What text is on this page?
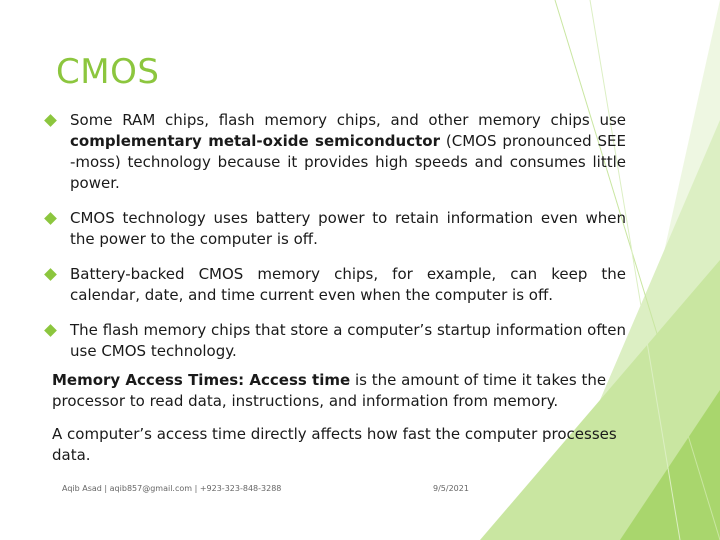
CMOS
Some RAM chips, flash memory chips, and other memory chips use complementary metal-oxide semiconductor (CMOS pronounced SEE -moss) technology because it provides high speeds and consumes little power.
CMOS technology uses battery power to retain information even when the power to the computer is off.
Battery-backed CMOS memory chips, for example, can keep the calendar, date, and time current even when the computer is off.
The flash memory chips that store a computer’s startup information often use CMOS technology.
Memory Access Times: Access time is the amount of time it takes the processor to read data, instructions, and information from memory.
A computer’s access time directly affects how fast the computer processes data.
Aqib Asad | aqib857@gmail.com | +923-323-848-3288	9/5/2021
